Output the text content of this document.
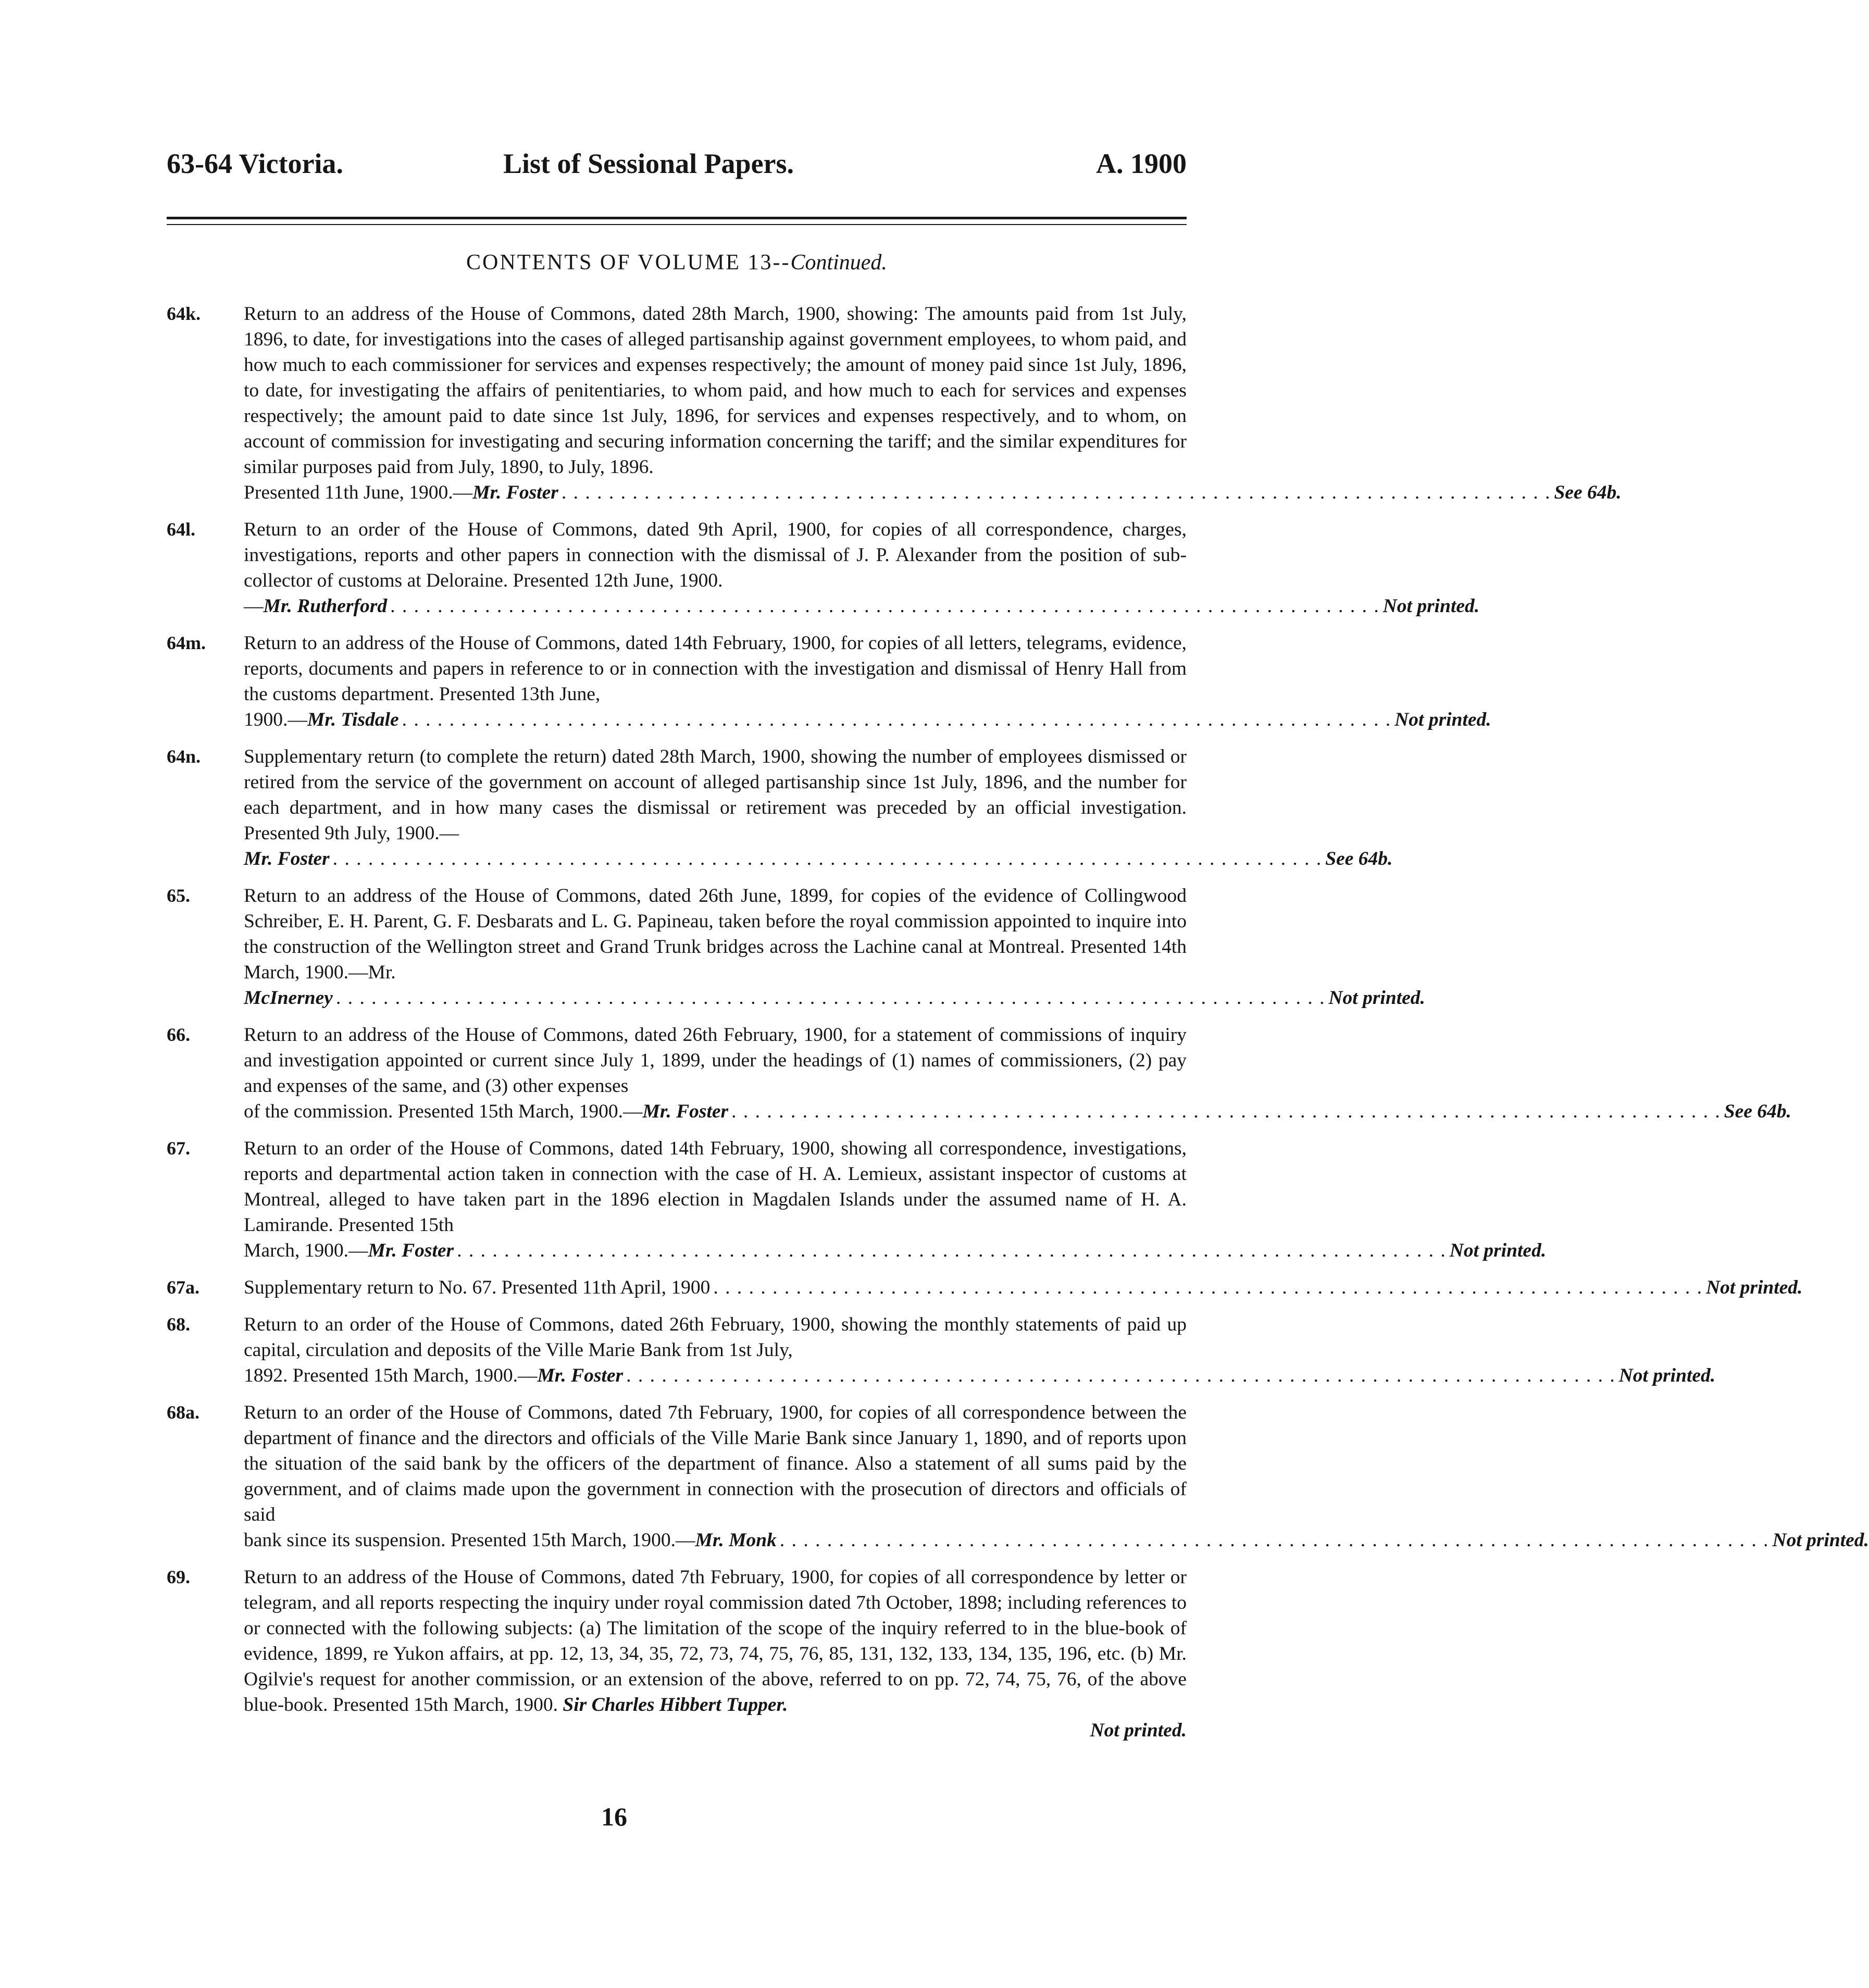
63-64 Victoria.	List of Sessional Papers.	A. 1900
CONTENTS OF VOLUME 13--Continued.
64k. Return to an address of the House of Commons, dated 28th March, 1900, showing: The amounts paid from 1st July, 1896, to date, for investigations into the cases of alleged partisanship against government employees, to whom paid, and how much to each commissioner for services and expenses respectively; the amount of money paid since 1st July, 1896, to date, for investigating the affairs of penitentiaries, to whom paid, and how much to each for services and expenses respectively; the amount paid to date since 1st July, 1896, for services and expenses respectively, and to whom, on account of commission for investigating and securing information concerning the tariff; and the similar expenditures for similar purposes paid from July, 1890, to July, 1896.
Presented 11th June, 1900.—Mr. Foster . . . . . . . . . . . . . . . . . . . . . . . . . . . . . . . . . . . . . . . . . . . . . . . . . . . . . . . . . . . . . . . . . . . . . . . . . . . . . . . . . . . . See 64b.
64l. Return to an order of the House of Commons, dated 9th April, 1900, for copies of all correspondence, charges, investigations, reports and other papers in connection with the dismissal of J. P. Alexander from the position of sub-collector of customs at Deloraine. Presented 12th June, 1900.
—Mr. Rutherford . . . . . . . . . . . . . . . . . . . . . . . . . . . . . . . . . . . . . . . . . . . . . . . . . . . . . . . . . . . . . . . . . . . . . . . . . . . . . . . . . . . . Not printed.
64m. Return to an address of the House of Commons, dated 14th February, 1900, for copies of all letters, telegrams, evidence, reports, documents and papers in reference to or in connection with the investigation and dismissal of Henry Hall from the customs department. Presented 13th June,
1900.—Mr. Tisdale . . . . . . . . . . . . . . . . . . . . . . . . . . . . . . . . . . . . . . . . . . . . . . . . . . . . . . . . . . . . . . . . . . . . . . . . . . . . . . . . . . . . Not printed.
64n. Supplementary return (to complete the return) dated 28th March, 1900, showing the number of employees dismissed or retired from the service of the government on account of alleged partisanship since 1st July, 1896, and the number for each department, and in how many cases the dismissal or retirement was preceded by an official investigation. Presented 9th July, 1900.—
Mr. Foster . . . . . . . . . . . . . . . . . . . . . . . . . . . . . . . . . . . . . . . . . . . . . . . . . . . . . . . . . . . . . . . . . . . . . . . . . . . . . . . . . . . . See 64b.
65.	Return to an address of the House of Commons, dated 26th June, 1899, for copies of the evidence of Collingwood Schreiber, E. H. Parent, G. F. Desbarats and L. G. Papineau, taken before the royal commission appointed to inquire into the construction of the Wellington street and Grand Trunk bridges across the Lachine canal at Montreal. Presented 14th March, 1900.—Mr.
McInerney . . . . . . . . . . . . . . . . . . . . . . . . . . . . . . . . . . . . . . . . . . . . . . . . . . . . . . . . . . . . . . . . . . . . . . . . . . . . . . . . . . . . Not printed.
66.	Return to an address of the House of Commons, dated 26th February, 1900, for a statement of commissions of inquiry and investigation appointed or current since July 1, 1899, under the headings of (1) names of commissioners, (2) pay and expenses of the same, and (3) other expenses
of the commission. Presented 15th March, 1900.—Mr. Foster . . . . . . . . . . . . . . . . . . . . . . . . . . . . . . . . . . . . . . . . . . . . . . . . . . . . . . . . . . . . . . . . . . . . . . . . . . . . . . . . . . . . See 64b.
67.	Return to an order of the House of Commons, dated 14th February, 1900, showing all correspondence, investigations, reports and departmental action taken in connection with the case of H. A. Lemieux, assistant inspector of customs at Montreal, alleged to have taken part in the 1896 election in Magdalen Islands under the assumed name of H. A. Lamirande. Presented 15th
March, 1900.—Mr. Foster . . . . . . . . . . . . . . . . . . . . . . . . . . . . . . . . . . . . . . . . . . . . . . . . . . . . . . . . . . . . . . . . . . . . . . . . . . . . . . . . . . . . Not printed.
67a. Supplementary return to No. 67. Presented 11th April, 1900 . . . . . . . . . . . . . . . . . . . . . . . . . . . . . . . . . . . . . . . . . . . . . . . . . . . . . . . . . . . . . . . . . . . . . . . . . . . . . . . . . . . . Not printed.
68.	Return to an order of the House of Commons, dated 26th February, 1900, showing the monthly statements of paid up capital, circulation and deposits of the Ville Marie Bank from 1st July,
1892. Presented 15th March, 1900.—Mr. Foster . . . . . . . . . . . . . . . . . . . . . . . . . . . . . . . . . . . . . . . . . . . . . . . . . . . . . . . . . . . . . . . . . . . . . . . . . . . . . . . . . . . . Not printed.
68a. Return to an order of the House of Commons, dated 7th February, 1900, for copies of all correspondence between the department of finance and the directors and officials of the Ville Marie Bank since January 1, 1890, and of reports upon the situation of the said bank by the officers of the department of finance. Also a statement of all sums paid by the government, and of claims made upon the government in connection with the prosecution of directors and officials of said
bank since its suspension. Presented 15th March, 1900.—Mr. Monk . . . . . . . . . . . . . . . . . . . . . . . . . . . . . . . . . . . . . . . . . . . . . . . . . . . . . . . . . . . . . . . . . . . . . . . . . . . . . . . . . . . . Not printed.
69.	Return to an address of the House of Commons, dated 7th February, 1900, for copies of all correspondence by letter or telegram, and all reports respecting the inquiry under royal commission dated 7th October, 1898; including references to or connected with the following subjects: (a) The limitation of the scope of the inquiry referred to in the blue-book of evidence, 1899, re Yukon affairs, at pp. 12, 13, 34, 35, 72, 73, 74, 75, 76, 85, 131, 132, 133, 134, 135, 196, etc. (b) Mr. Ogilvie's request for another commission, or an extension of the above, referred to on pp. 72, 74, 75, 76, of the above blue-book. Presented 15th March, 1900. Sir Charles Hibbert Tupper.
Not printed.
16
